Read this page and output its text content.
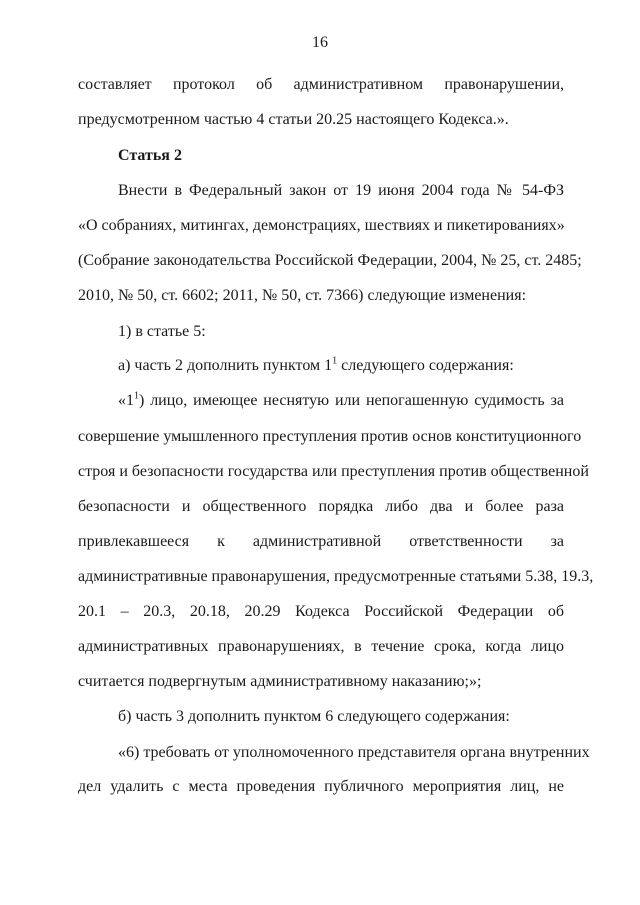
16
составляет протокол об административном правонарушении,
предусмотренном частью 4 статьи 20.25 настоящего Кодекса.».
Статья 2
Внести в Федеральный закон от 19 июня 2004 года № 54-ФЗ
«О собраниях, митингах, демонстрациях, шествиях и пикетированиях»
(Собрание законодательства Российской Федерации, 2004, № 25, ст. 2485;
2010, № 50, ст. 6602; 2011, № 50, ст. 7366) следующие изменения:
1) в статье 5:
а) часть 2 дополнить пунктом $1^1$ следующего содержания:
«$1^1$) лицо, имеющее неснятую или непогашенную судимость за
совершение умышленного преступления против основ конституционного
строя и безопасности государства или преступления против общественной
безопасности и общественного порядка либо два и более раза
привлекавшееся к административной ответственности за
административные правонарушения, предусмотренные статьями 5.38, 19.3,
20.1 – 20.3, 20.18, 20.29 Кодекса Российской Федерации об
административных правонарушениях, в течение срока, когда лицо
считается подвергнутым административному наказанию;»;
б) часть 3 дополнить пунктом 6 следующего содержания:
«6) требовать от уполномоченного представителя органа внутренних
дел удалить с места проведения публичного мероприятия лиц, не
